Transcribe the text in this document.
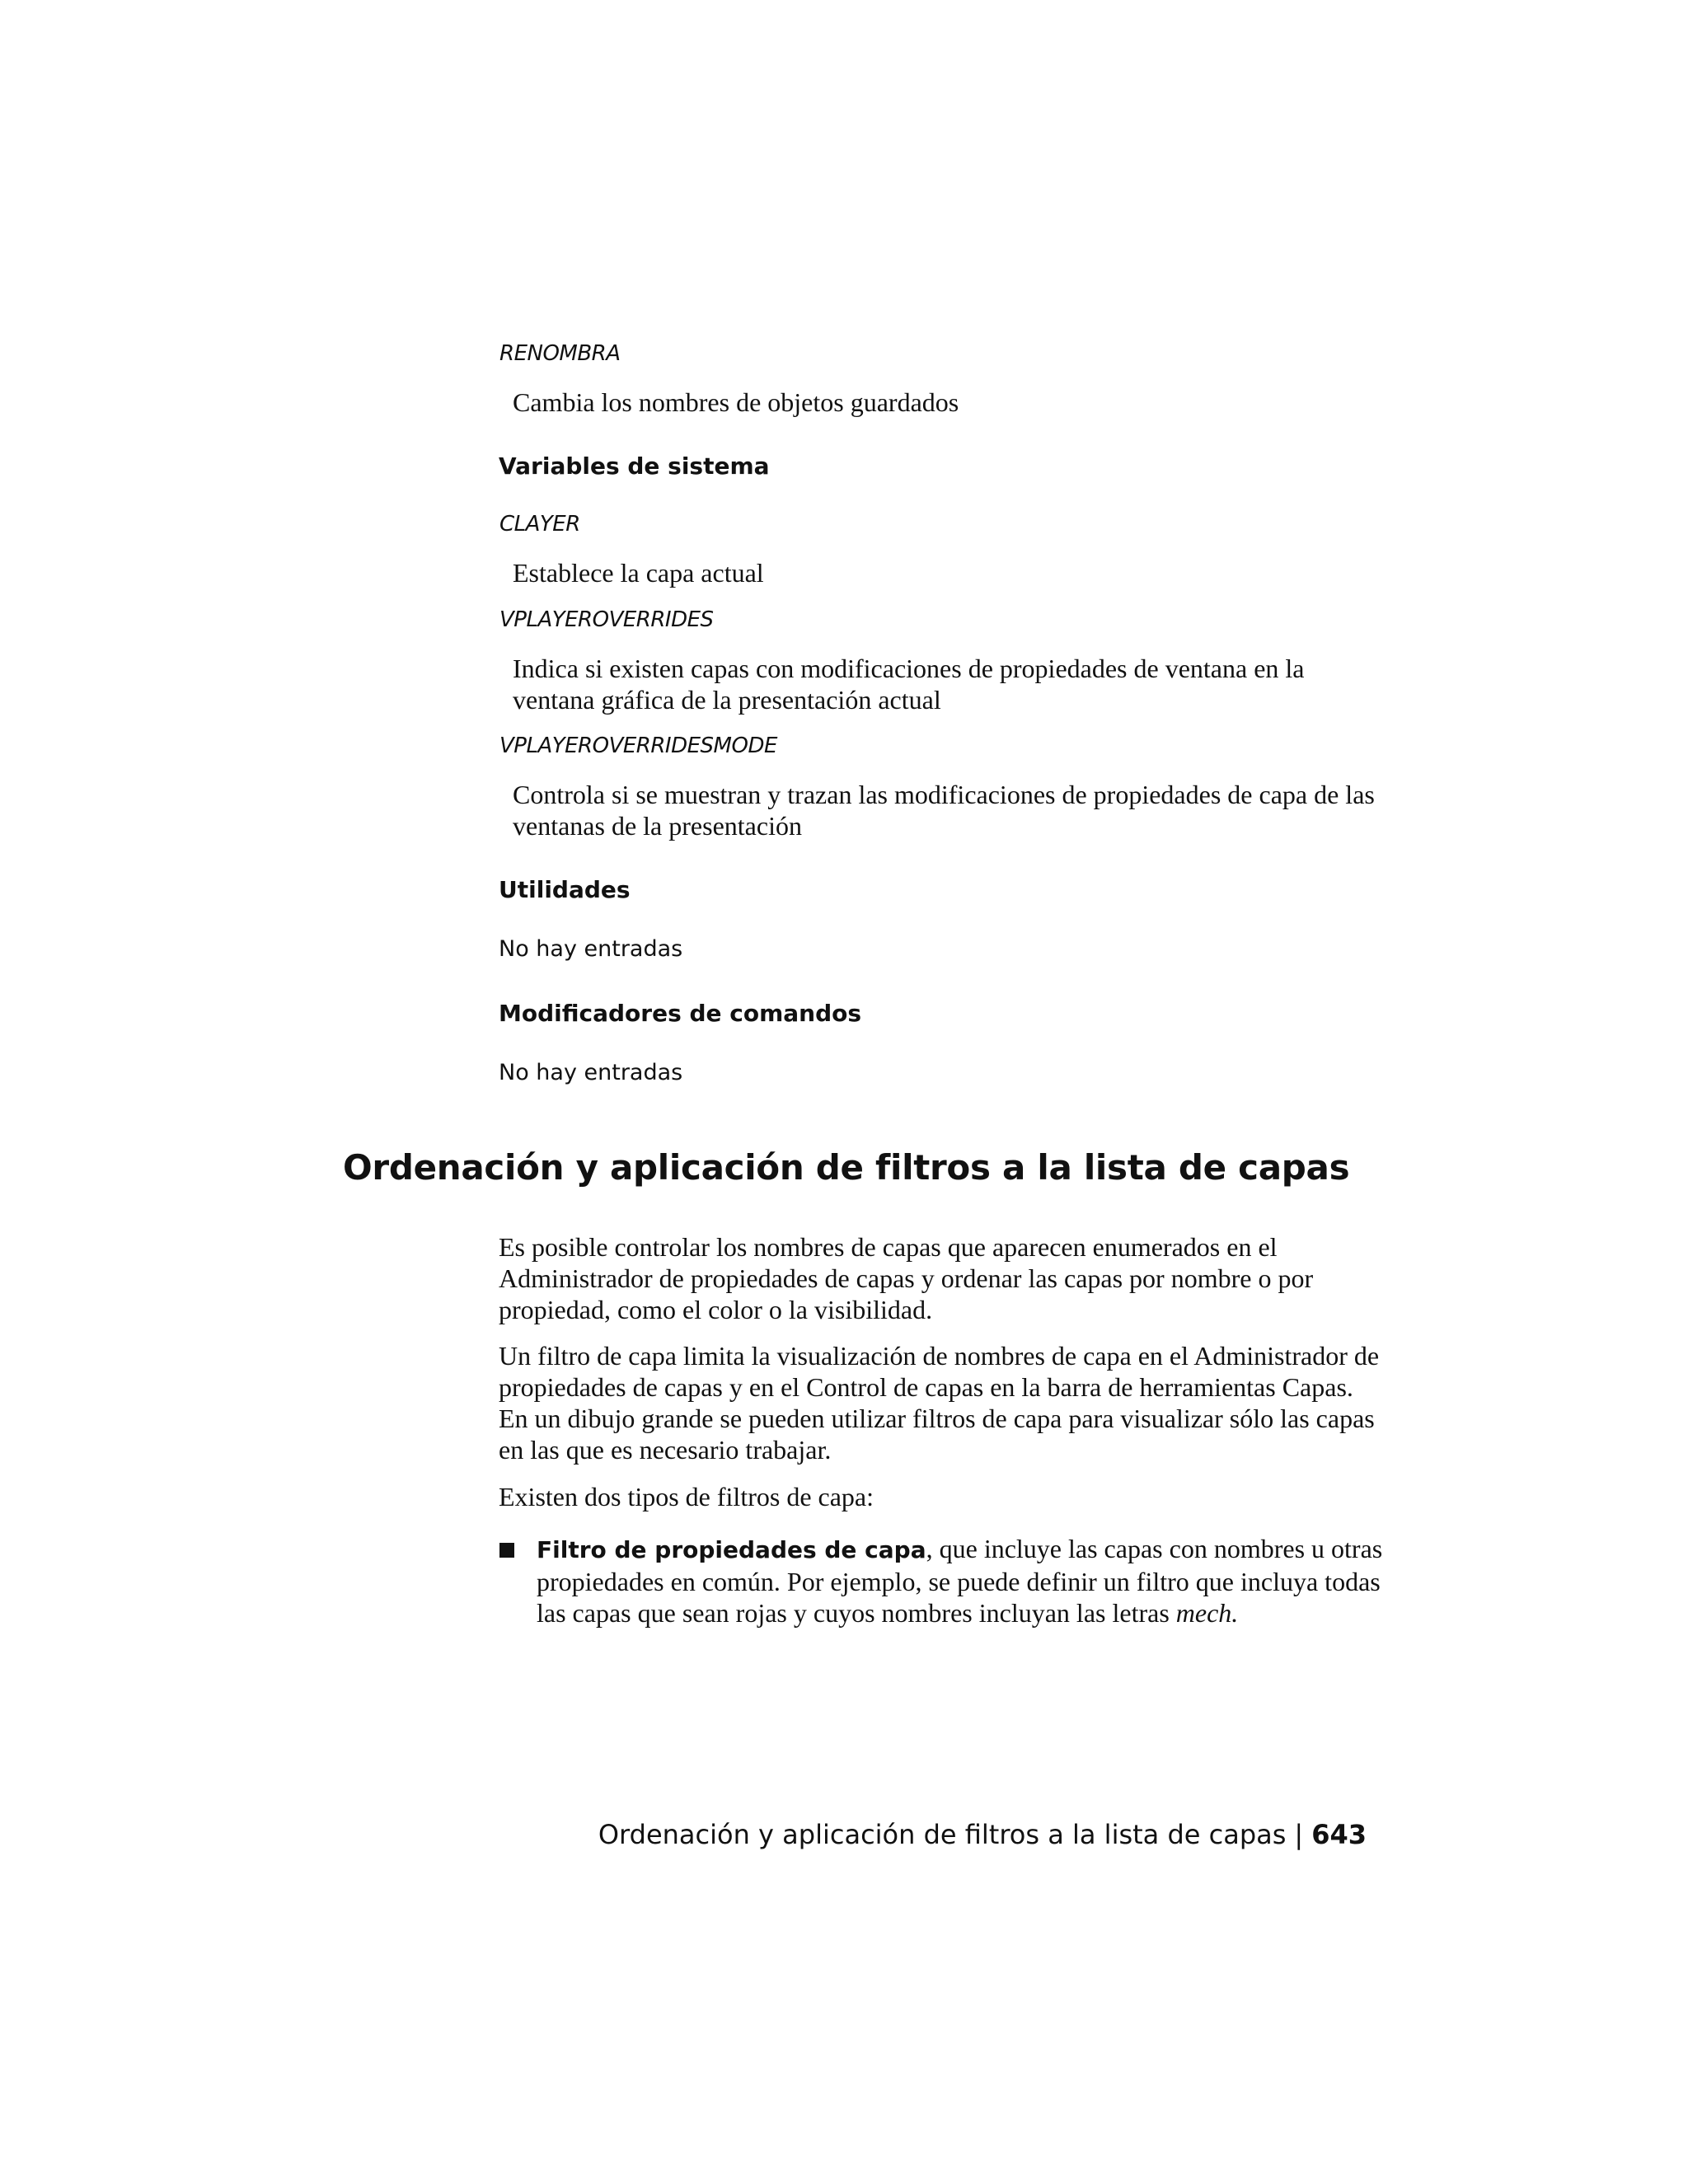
RENOMBRA
Cambia los nombres de objetos guardados
Variables de sistema
CLAYER
Establece la capa actual
VPLAYEROVERRIDES
Indica si existen capas con modificaciones de propiedades de ventana en la ventana gráfica de la presentación actual
VPLAYEROVERRIDESMODE
Controla si se muestran y trazan las modificaciones de propiedades de capa de las ventanas de la presentación
Utilidades
No hay entradas
Modificadores de comandos
No hay entradas
Ordenación y aplicación de filtros a la lista de capas
Es posible controlar los nombres de capas que aparecen enumerados en el Administrador de propiedades de capas y ordenar las capas por nombre o por propiedad, como el color o la visibilidad.
Un filtro de capa limita la visualización de nombres de capa en el Administrador de propiedades de capas y en el Control de capas en la barra de herramientas Capas. En un dibujo grande se pueden utilizar filtros de capa para visualizar sólo las capas en las que es necesario trabajar.
Existen dos tipos de filtros de capa:
Filtro de propiedades de capa, que incluye las capas con nombres u otras propiedades en común. Por ejemplo, se puede definir un filtro que incluya todas las capas que sean rojas y cuyos nombres incluyan las letras mech.
Ordenación y aplicación de filtros a la lista de capas | 643
